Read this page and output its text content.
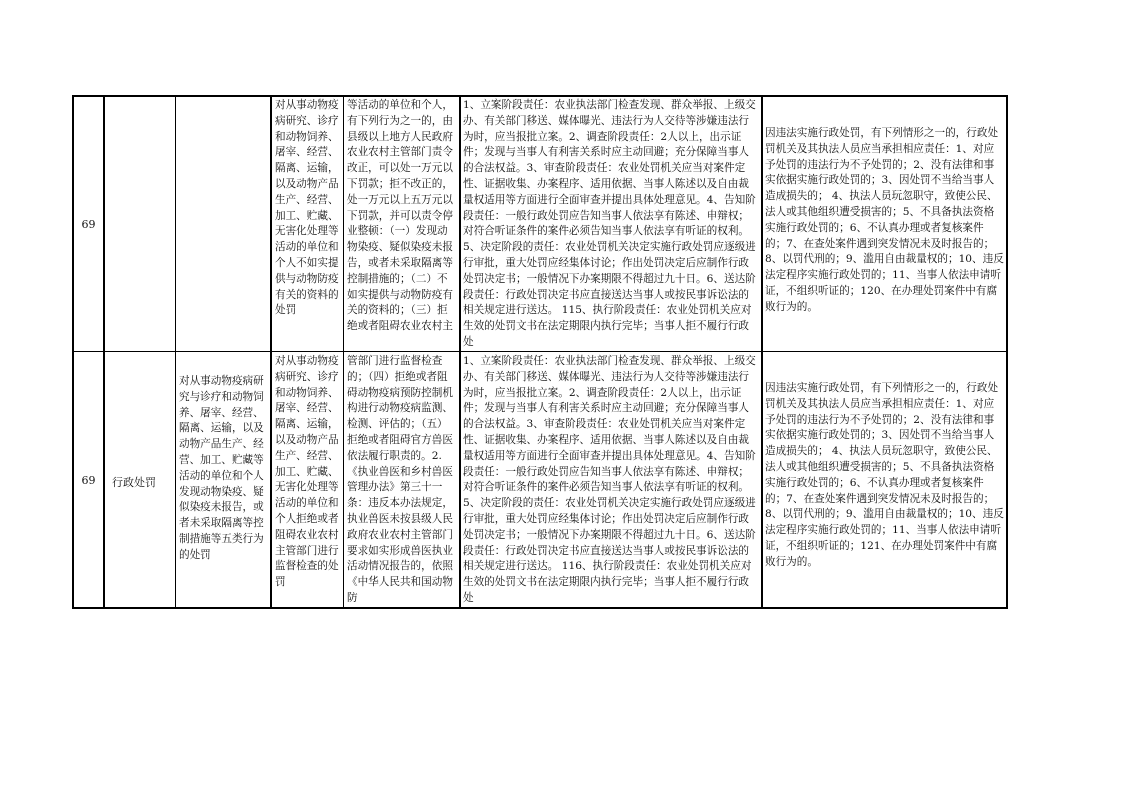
69
对从事动物疫病研究、诊疗和动物饲养、屠宰、经营、隔离、运输，以及动物产品生产、经营、加工、贮藏、无害化处理等活动的单位和个人不如实提供与动物防疫有关的资料的处罚
等活动的单位和个人，有下列行为之一的，由县级以上地方人民政府农业农村主管部门责令改正，可以处一万元以下罚款；拒不改正的，处一万元以上五万元以下罚款，并可以责令停业整顿：（一）发现动物染疫、疑似染疫未报告，或者未采取隔离等控制措施的；（二）不如实提供与动物防疫有关的资料的；（三）拒绝或者阻碍农业农村主
1、立案阶段责任：农业执法部门检查发现、群众举报、上级交办、有关部门移送、媒体曝光、违法行为人交待等涉嫌违法行为时，应当报批立案。2、调查阶段责任：2人以上，出示证件；发现与当事人有利害关系时应主动回避；充分保障当事人的合法权益。3、审查阶段责任：农业处罚机关应当对案件定性、证据收集、办案程序、适用依据、当事人陈述以及自由裁量权适用等方面进行全面审查并提出具体处理意见。4、告知阶段责任：一般行政处罚应告知当事人依法享有陈述、申辩权；对符合听证条件的案件必须告知当事人依法享有听证的权利。5、决定阶段的责任：农业处罚机关决定实施行政处罚应逐级进行审批，重大处罚应经集体讨论；作出处罚决定后应制作行政处罚决定书；一般情况下办案期限不得超过九十日。6、送达阶段责任：行政处罚决定书应直接送达当事人或按民事诉讼法的相关规定进行送达。 115、执行阶段责任：农业处罚机关应对生效的处罚文书在法定期限内执行完毕；当事人拒不履行行政处
因违法实施行政处罚，有下列情形之一的，行政处罚机关及其执法人员应当承担相应责任：1、对应予处罚的违法行为不予处罚的；2、没有法律和事实依据实施行政处罚的；3、因处罚不当给当事人造成损失的； 4、执法人员玩忽职守，致使公民、法人或其他组织遭受损害的；5、不具备执法资格实施行政处罚的；6、不认真办理或者复核案件的；7、在查处案件遇到突发情况未及时报告的；8、以罚代刑的；9、滥用自由裁量权的；10、违反法定程序实施行政处罚的；11、当事人依法申请听证，不组织听证的；120、在办理处罚案件中有腐败行为的。
69	行政处罚
对从事动物疫病研究与诊疗和动物饲养、屠宰、经营、隔离、运输，以及动物产品生产、经营、加工、贮藏等活动的单位和个人发现动物染疫、疑似染疫未报告，或者未采取隔离等控制措施等五类行为的处罚
对从事动物疫病研究、诊疗和动物饲养、屠宰、经营、隔离、运输，以及动物产品生产、经营、加工、贮藏、无害化处理等活动的单位和个人拒绝或者阻碍农业农村主管部门进行监督检查的处罚
管部门进行监督检查的；（四）拒绝或者阻碍动物疫病预防控制机构进行动物疫病监测、检测、评估的；（五）拒绝或者阻碍官方兽医依法履行职责的。2.《执业兽医和乡村兽医管理办法》第三十一条：违反本办法规定，执业兽医未按县级人民政府农业农村主管部门要求如实形成兽医执业活动情况报告的，依照《中华人民共和国动物防
1、立案阶段责任：农业执法部门检查发现、群众举报、上级交办、有关部门移送、媒体曝光、违法行为人交待等涉嫌违法行为时，应当报批立案。2、调查阶段责任：2人以上，出示证件；发现与当事人有利害关系时应主动回避；充分保障当事人的合法权益。3、审查阶段责任：农业处罚机关应当对案件定性、证据收集、办案程序、适用依据、当事人陈述以及自由裁量权适用等方面进行全面审查并提出具体处理意见。4、告知阶段责任：一般行政处罚应告知当事人依法享有陈述、申辩权；对符合听证条件的案件必须告知当事人依法享有听证的权利。5、决定阶段的责任：农业处罚机关决定实施行政处罚应逐级进行审批，重大处罚应经集体讨论；作出处罚决定后应制作行政处罚决定书；一般情况下办案期限不得超过九十日。6、送达阶段责任：行政处罚决定书应直接送达当事人或按民事诉讼法的相关规定进行送达。 116、执行阶段责任：农业处罚机关应对生效的处罚文书在法定期限内执行完毕；当事人拒不履行行政处
因违法实施行政处罚，有下列情形之一的，行政处罚机关及其执法人员应当承担相应责任：1、对应予处罚的违法行为不予处罚的；2、没有法律和事实依据实施行政处罚的；3、因处罚不当给当事人造成损失的； 4、执法人员玩忽职守，致使公民、法人或其他组织遭受损害的；5、不具备执法资格实施行政处罚的；6、不认真办理或者复核案件的；7、在查处案件遇到突发情况未及时报告的；8、以罚代刑的；9、滥用自由裁量权的；10、违反法定程序实施行政处罚的；11、当事人依法申请听证，不组织听证的；121、在办理处罚案件中有腐败行为的。
